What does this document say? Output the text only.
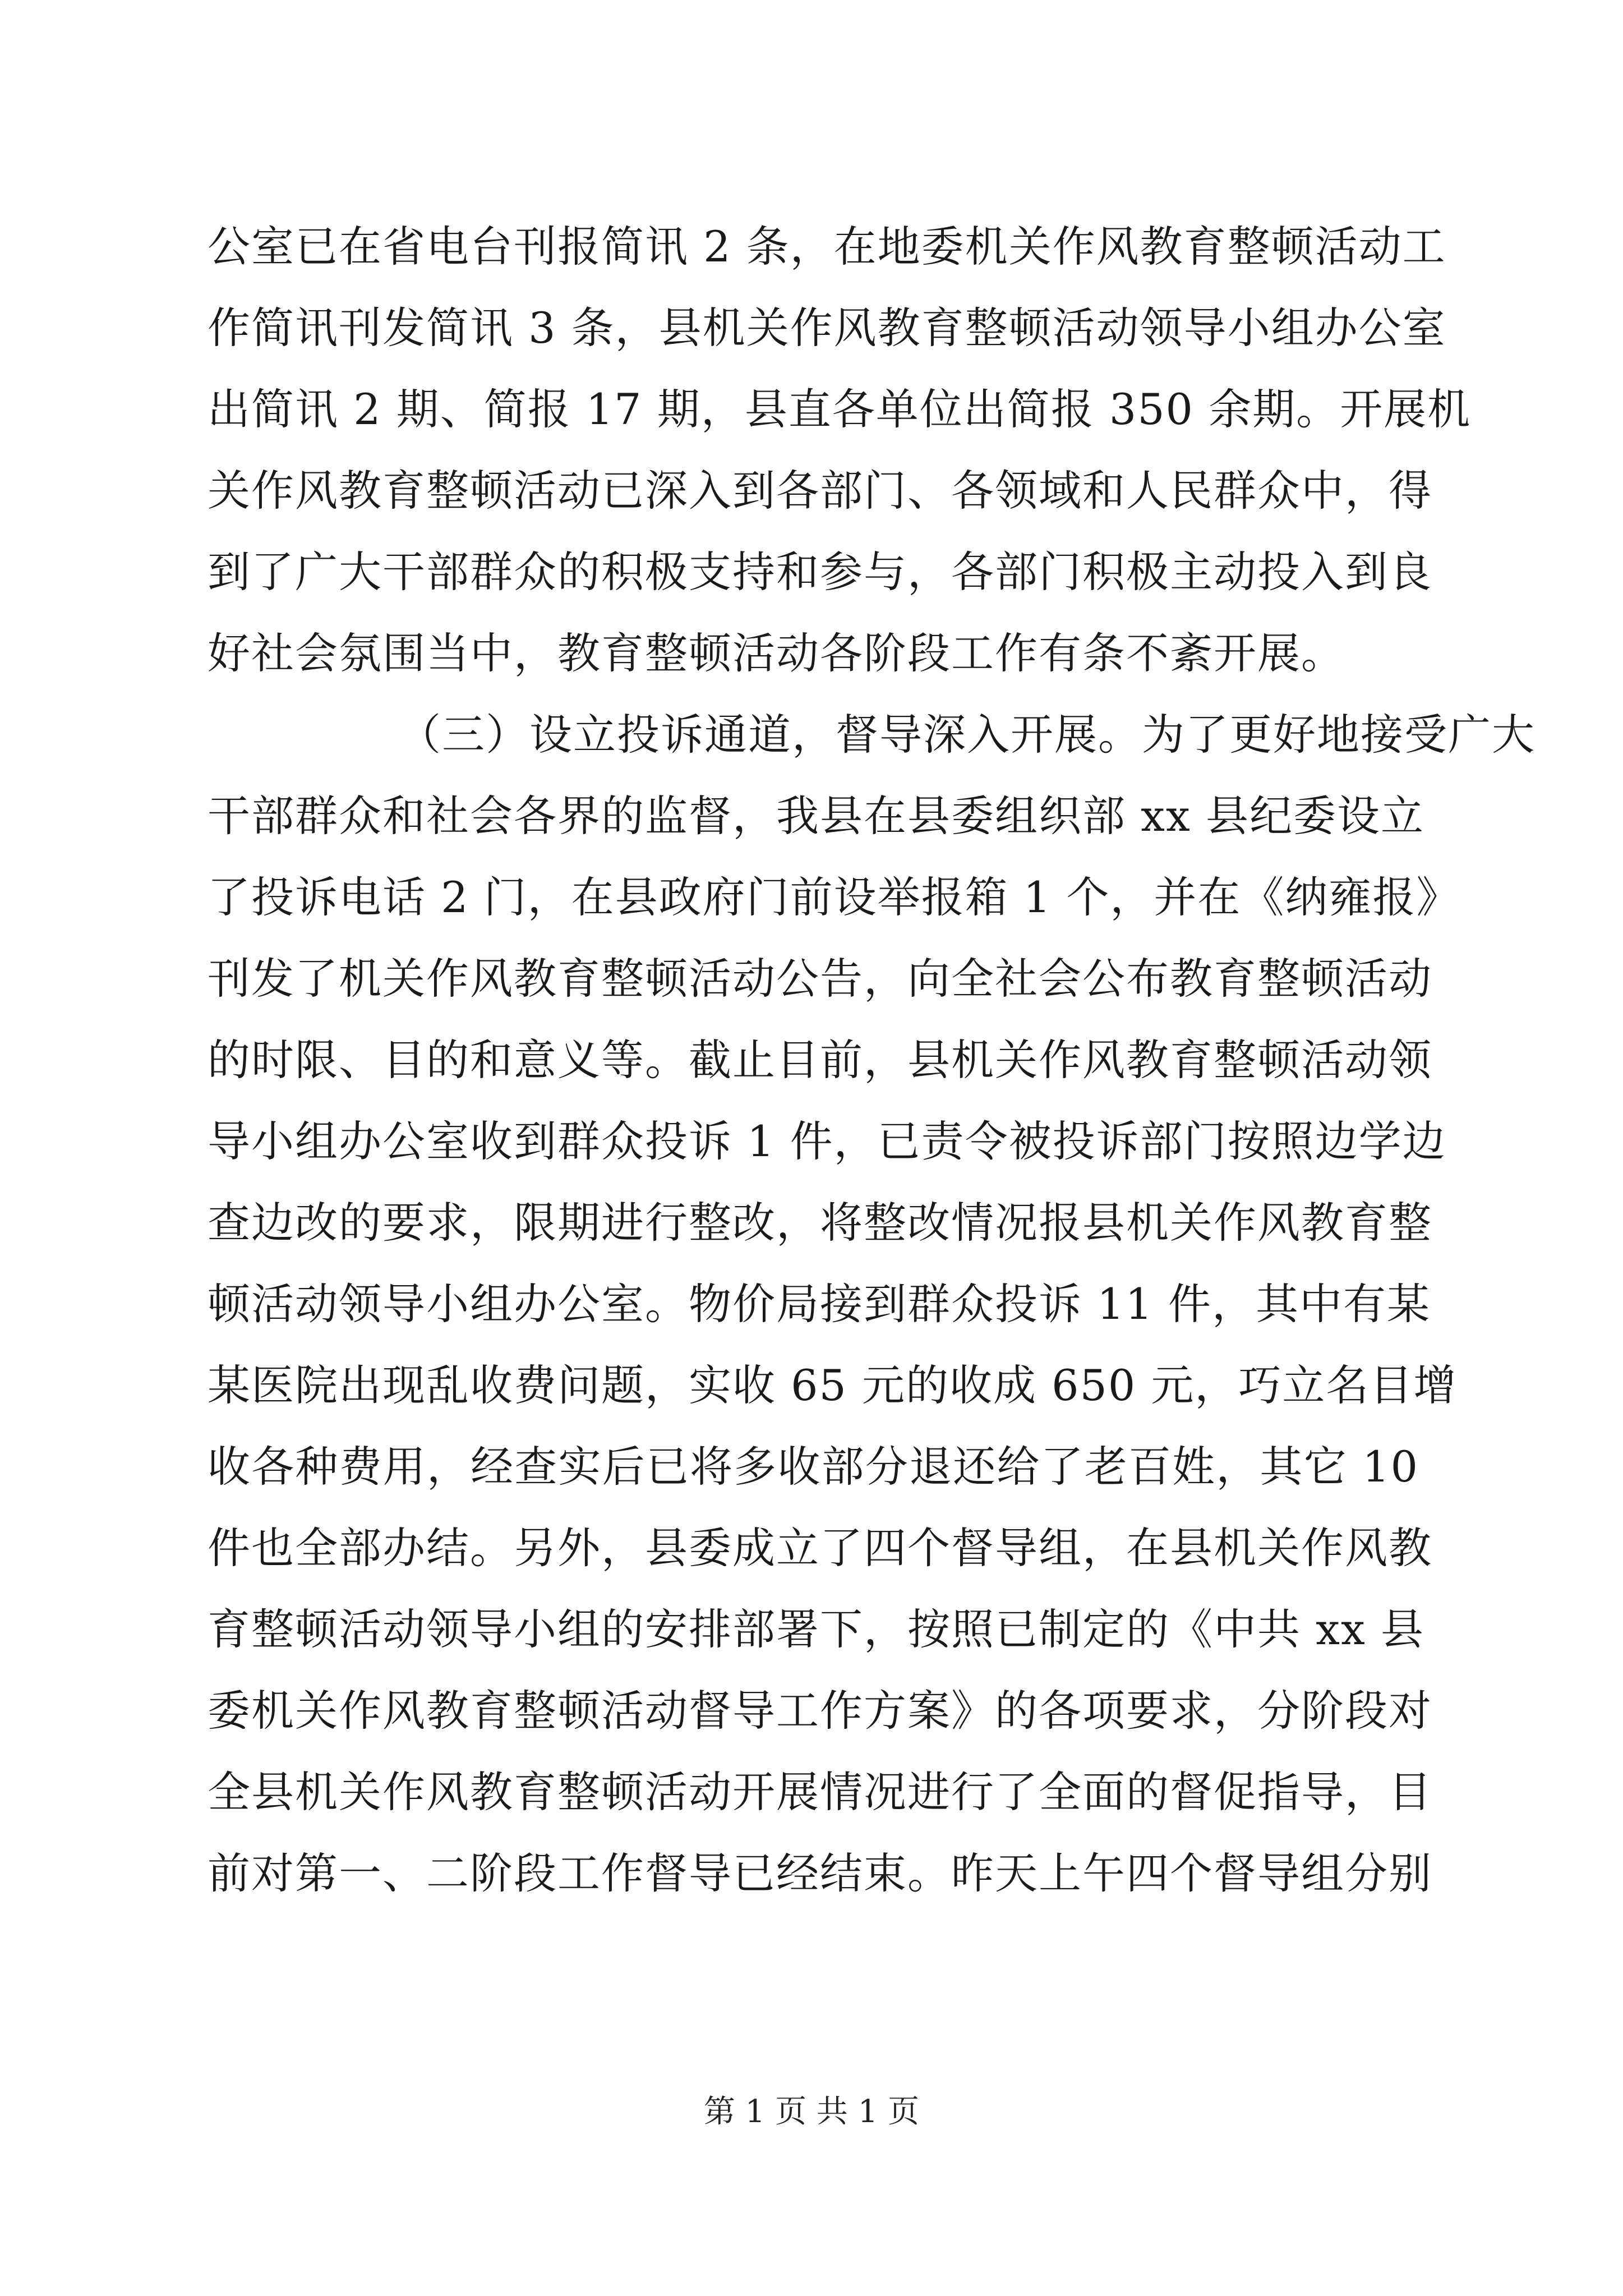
公室已在省电台刊报简讯 2 条，在地委机关作风教育整顿活动工
作简讯刊发简讯 3 条，县机关作风教育整顿活动领导小组办公室
出简讯 2 期、简报 17 期，县直各单位出简报 350 余期。开展机
关作风教育整顿活动已深入到各部门、各领域和人民群众中，得
到了广大干部群众的积极支持和参与，各部门积极主动投入到良
好社会氛围当中，教育整顿活动各阶段工作有条不紊开展。
（三）设立投诉通道，督导深入开展。为了更好地接受广大
干部群众和社会各界的监督，我县在县委组织部 xx 县纪委设立
了投诉电话 2 门，在县政府门前设举报箱 1 个，并在《纳雍报》
刊发了机关作风教育整顿活动公告，向全社会公布教育整顿活动
的时限、目的和意义等。截止目前，县机关作风教育整顿活动领
导小组办公室收到群众投诉 1 件，已责令被投诉部门按照边学边
查边改的要求，限期进行整改，将整改情况报县机关作风教育整
顿活动领导小组办公室。物价局接到群众投诉 11 件，其中有某
某医院出现乱收费问题，实收 65 元的收成 650 元，巧立名目增
收各种费用，经查实后已将多收部分退还给了老百姓，其它 10
件也全部办结。另外，县委成立了四个督导组，在县机关作风教
育整顿活动领导小组的安排部署下，按照已制定的《中共 xx 县
委机关作风教育整顿活动督导工作方案》的各项要求，分阶段对
全县机关作风教育整顿活动开展情况进行了全面的督促指导，目
前对第一、二阶段工作督导已经结束。昨天上午四个督导组分别
第 1 页 共 1 页
